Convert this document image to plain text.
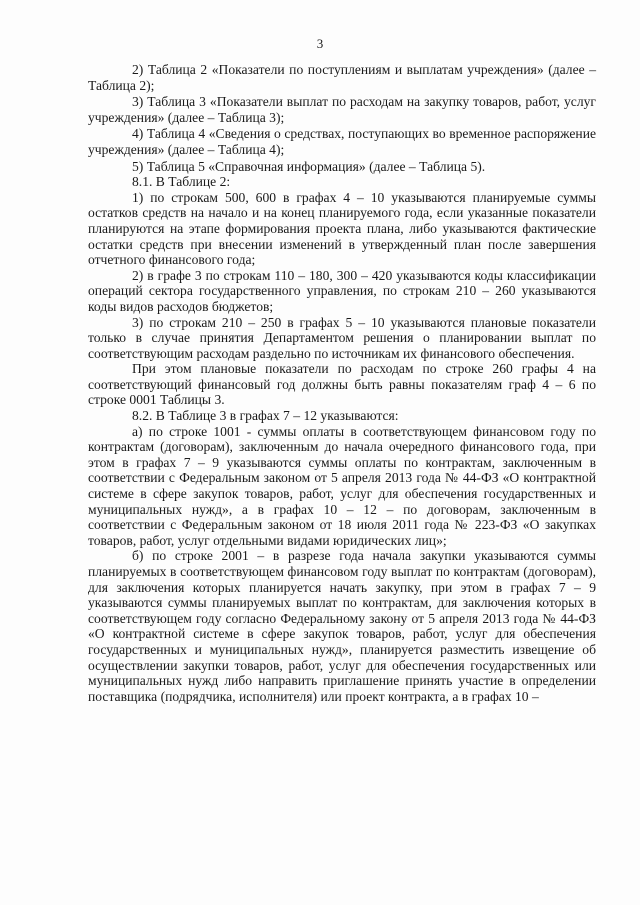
3

2) Таблица 2 «Показатели по поступлениям и выплатам учреждения» (далее – Таблица 2);

3) Таблица 3 «Показатели выплат по расходам на закупку товаров, работ, услуг учреждения» (далее – Таблица 3);

4) Таблица 4 «Сведения о средствах, поступающих во временное распоряжение учреждения» (далее – Таблица 4);

5) Таблица 5 «Справочная информация» (далее – Таблица 5).

8.1. В Таблице 2:

1) по строкам 500, 600 в графах 4 – 10 указываются планируемые суммы остатков средств на начало и на конец планируемого года, если указанные показатели планируются на этапе формирования проекта плана, либо указываются фактические остатки средств при внесении изменений в утвержденный план после завершения отчетного финансового года;

2) в графе 3 по строкам 110 – 180, 300 – 420 указываются коды классификации операций сектора государственного управления, по строкам 210 – 260 указываются коды видов расходов бюджетов;

3) по строкам 210 – 250 в графах 5 – 10 указываются плановые показатели только в случае принятия Департаментом решения о планировании выплат по соответствующим расходам раздельно по источникам их финансового обеспечения.

При этом плановые показатели по расходам по строке 260 графы 4 на соответствующий финансовый год должны быть равны показателям граф 4 – 6 по строке 0001 Таблицы 3.

8.2. В Таблице 3 в графах 7 – 12 указываются:

а) по строке 1001 - суммы оплаты в соответствующем финансовом году по контрактам (договорам), заключенным до начала очередного финансового года, при этом в графах 7 – 9 указываются суммы оплаты по контрактам, заключенным в соответствии с Федеральным законом от 5 апреля 2013 года № 44-ФЗ «О контрактной системе в сфере закупок товаров, работ, услуг для обеспечения государственных и муниципальных нужд», а в графах 10 – 12 – по договорам, заключенным в соответствии с Федеральным законом от 18 июля 2011 года № 223-ФЗ «О закупках товаров, работ, услуг отдельными видами юридических лиц»;

б) по строке 2001 – в разрезе года начала закупки указываются суммы планируемых в соответствующем финансовом году выплат по контрактам (договорам), для заключения которых планируется начать закупку, при этом в графах 7 – 9 указываются суммы планируемых выплат по контрактам, для заключения которых в соответствующем году согласно Федеральному закону от 5 апреля 2013 года № 44-ФЗ «О контрактной системе в сфере закупок товаров, работ, услуг для обеспечения государственных и муниципальных нужд», планируется разместить извещение об осуществлении закупки товаров, работ, услуг для обеспечения государственных или муниципальных нужд либо направить приглашение принять участие в определении поставщика (подрядчика, исполнителя) или проект контракта, а в графах 10 –
